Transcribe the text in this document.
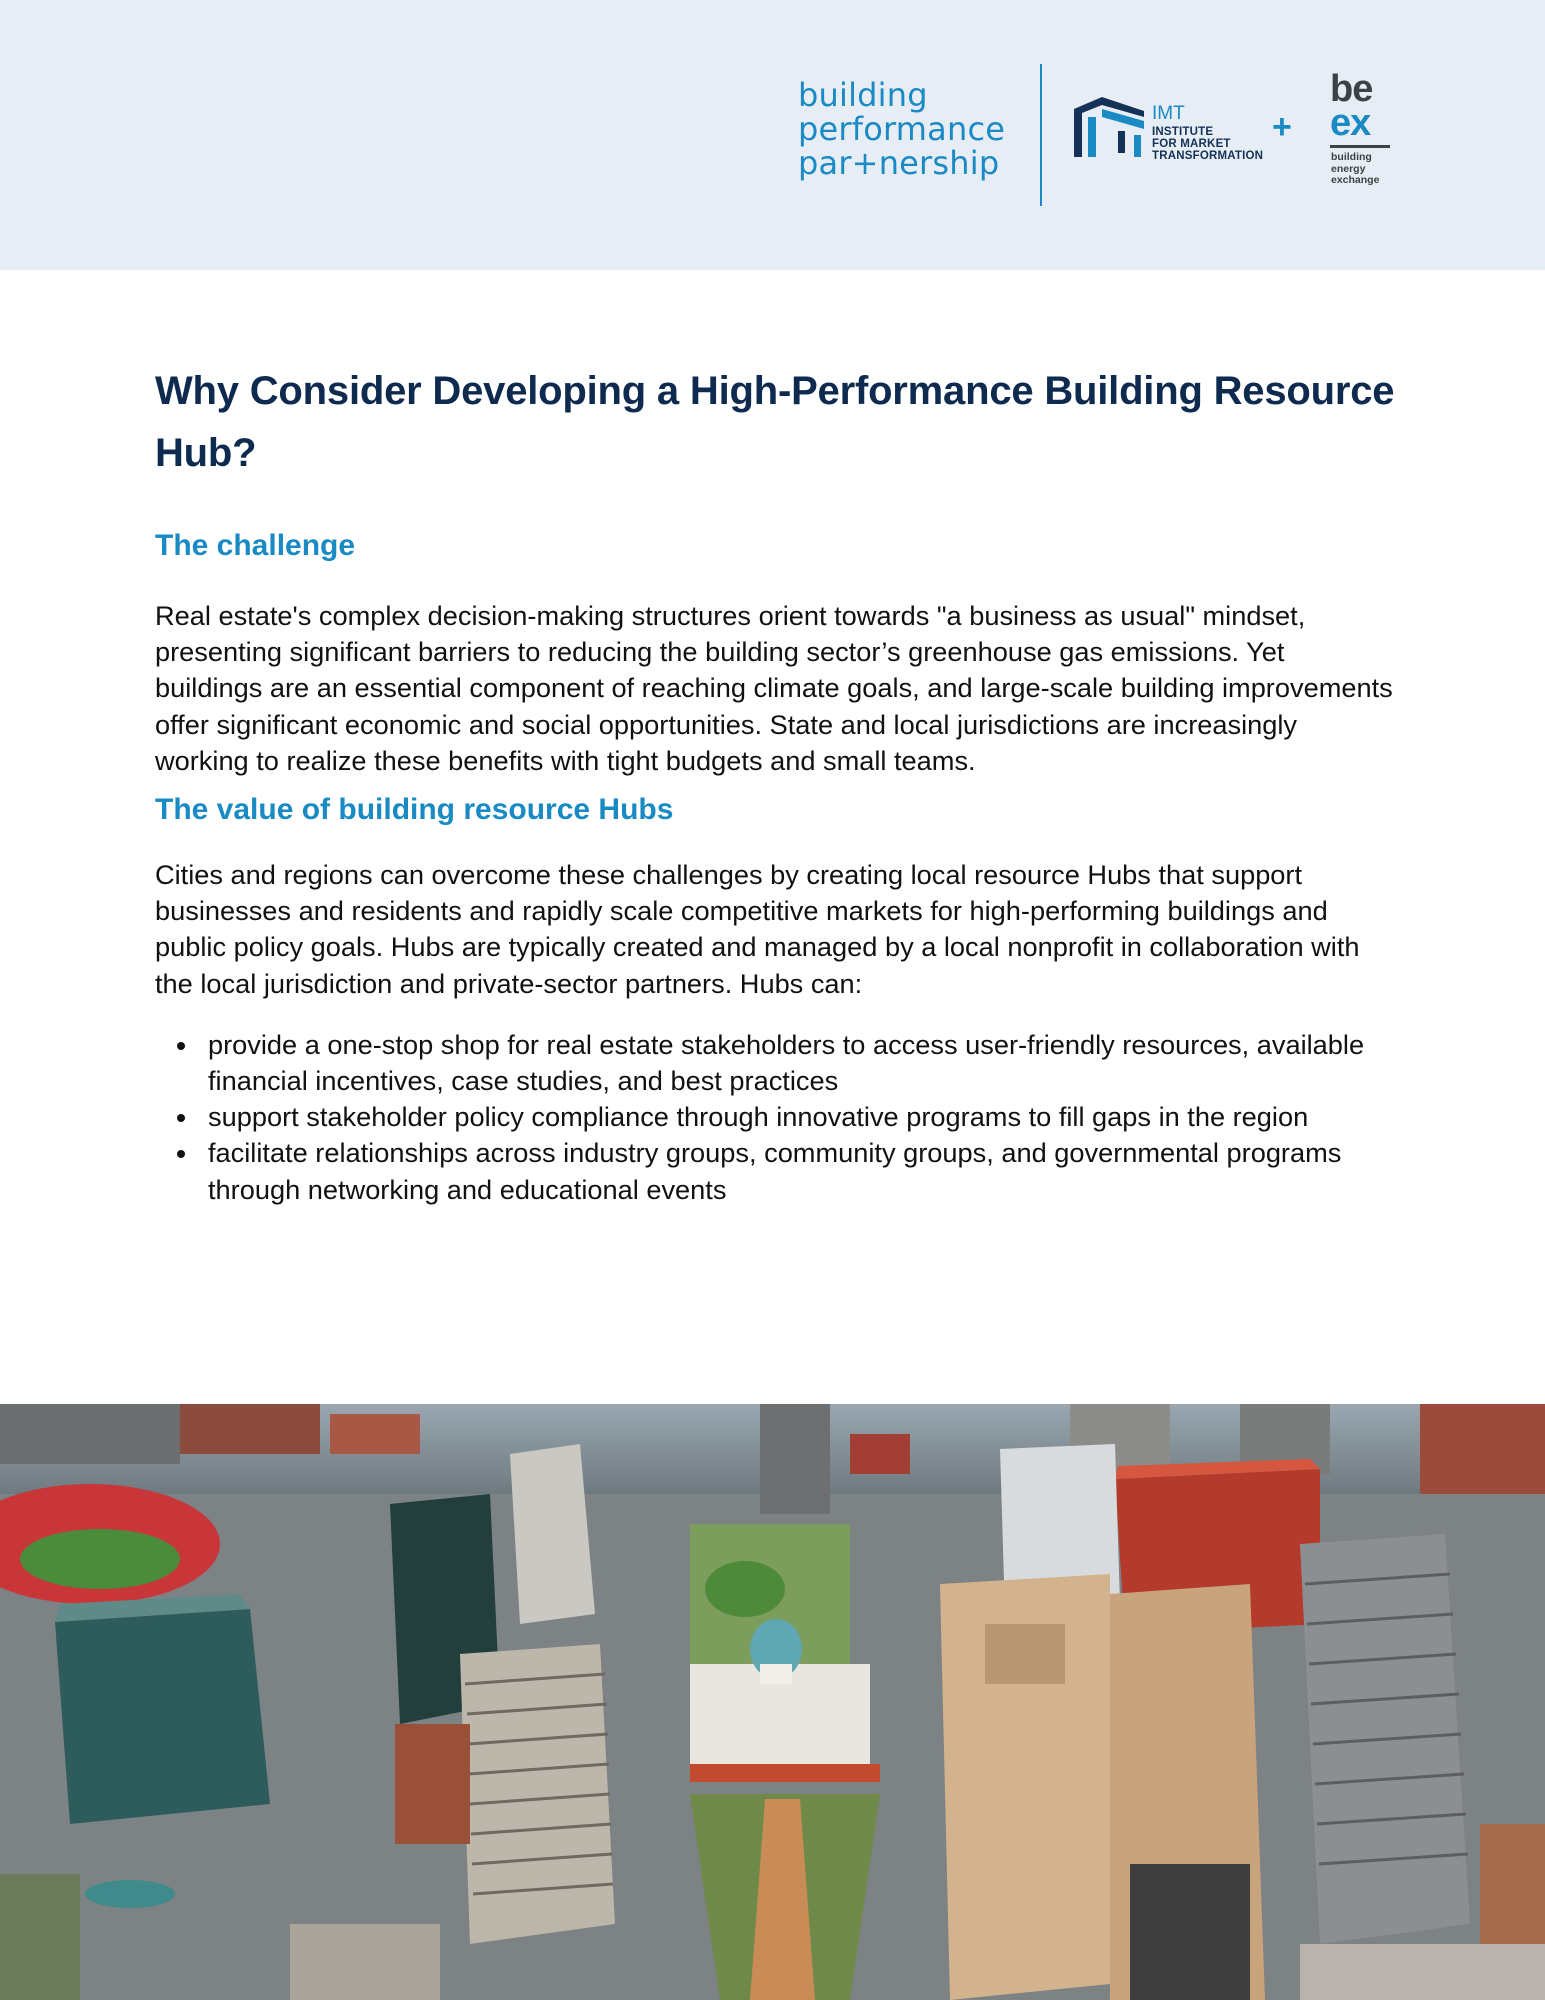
building
performance
par+nership
IMT
INSTITUTE
FOR MARKET
TRANSFORMATION
+
be
ex
building
energy
exchange
Why Consider Developing a High-Performance Building Resource Hub?
The challenge

Real estate's complex decision-making structures orient towards "a business as usual" mindset, presenting significant barriers to reducing the building sector’s greenhouse gas emissions. Yet buildings are an essential component of reaching climate goals, and large-scale building improvements offer significant economic and social opportunities. State and local jurisdictions are increasingly working to realize these benefits with tight budgets and small teams.

The value of building resource Hubs

Cities and regions can overcome these challenges by creating local resource Hubs that support businesses and residents and rapidly scale competitive markets for high-performing buildings and public policy goals. Hubs are typically created and managed by a local nonprofit in collaboration with the local jurisdiction and private-sector partners. Hubs can:

provide a one-stop shop for real estate stakeholders to access user-friendly resources, available financial incentives, case studies, and best practices
support stakeholder policy compliance through innovative programs to fill gaps in the region
facilitate relationships across industry groups, community groups, and governmental programs through networking and educational events
